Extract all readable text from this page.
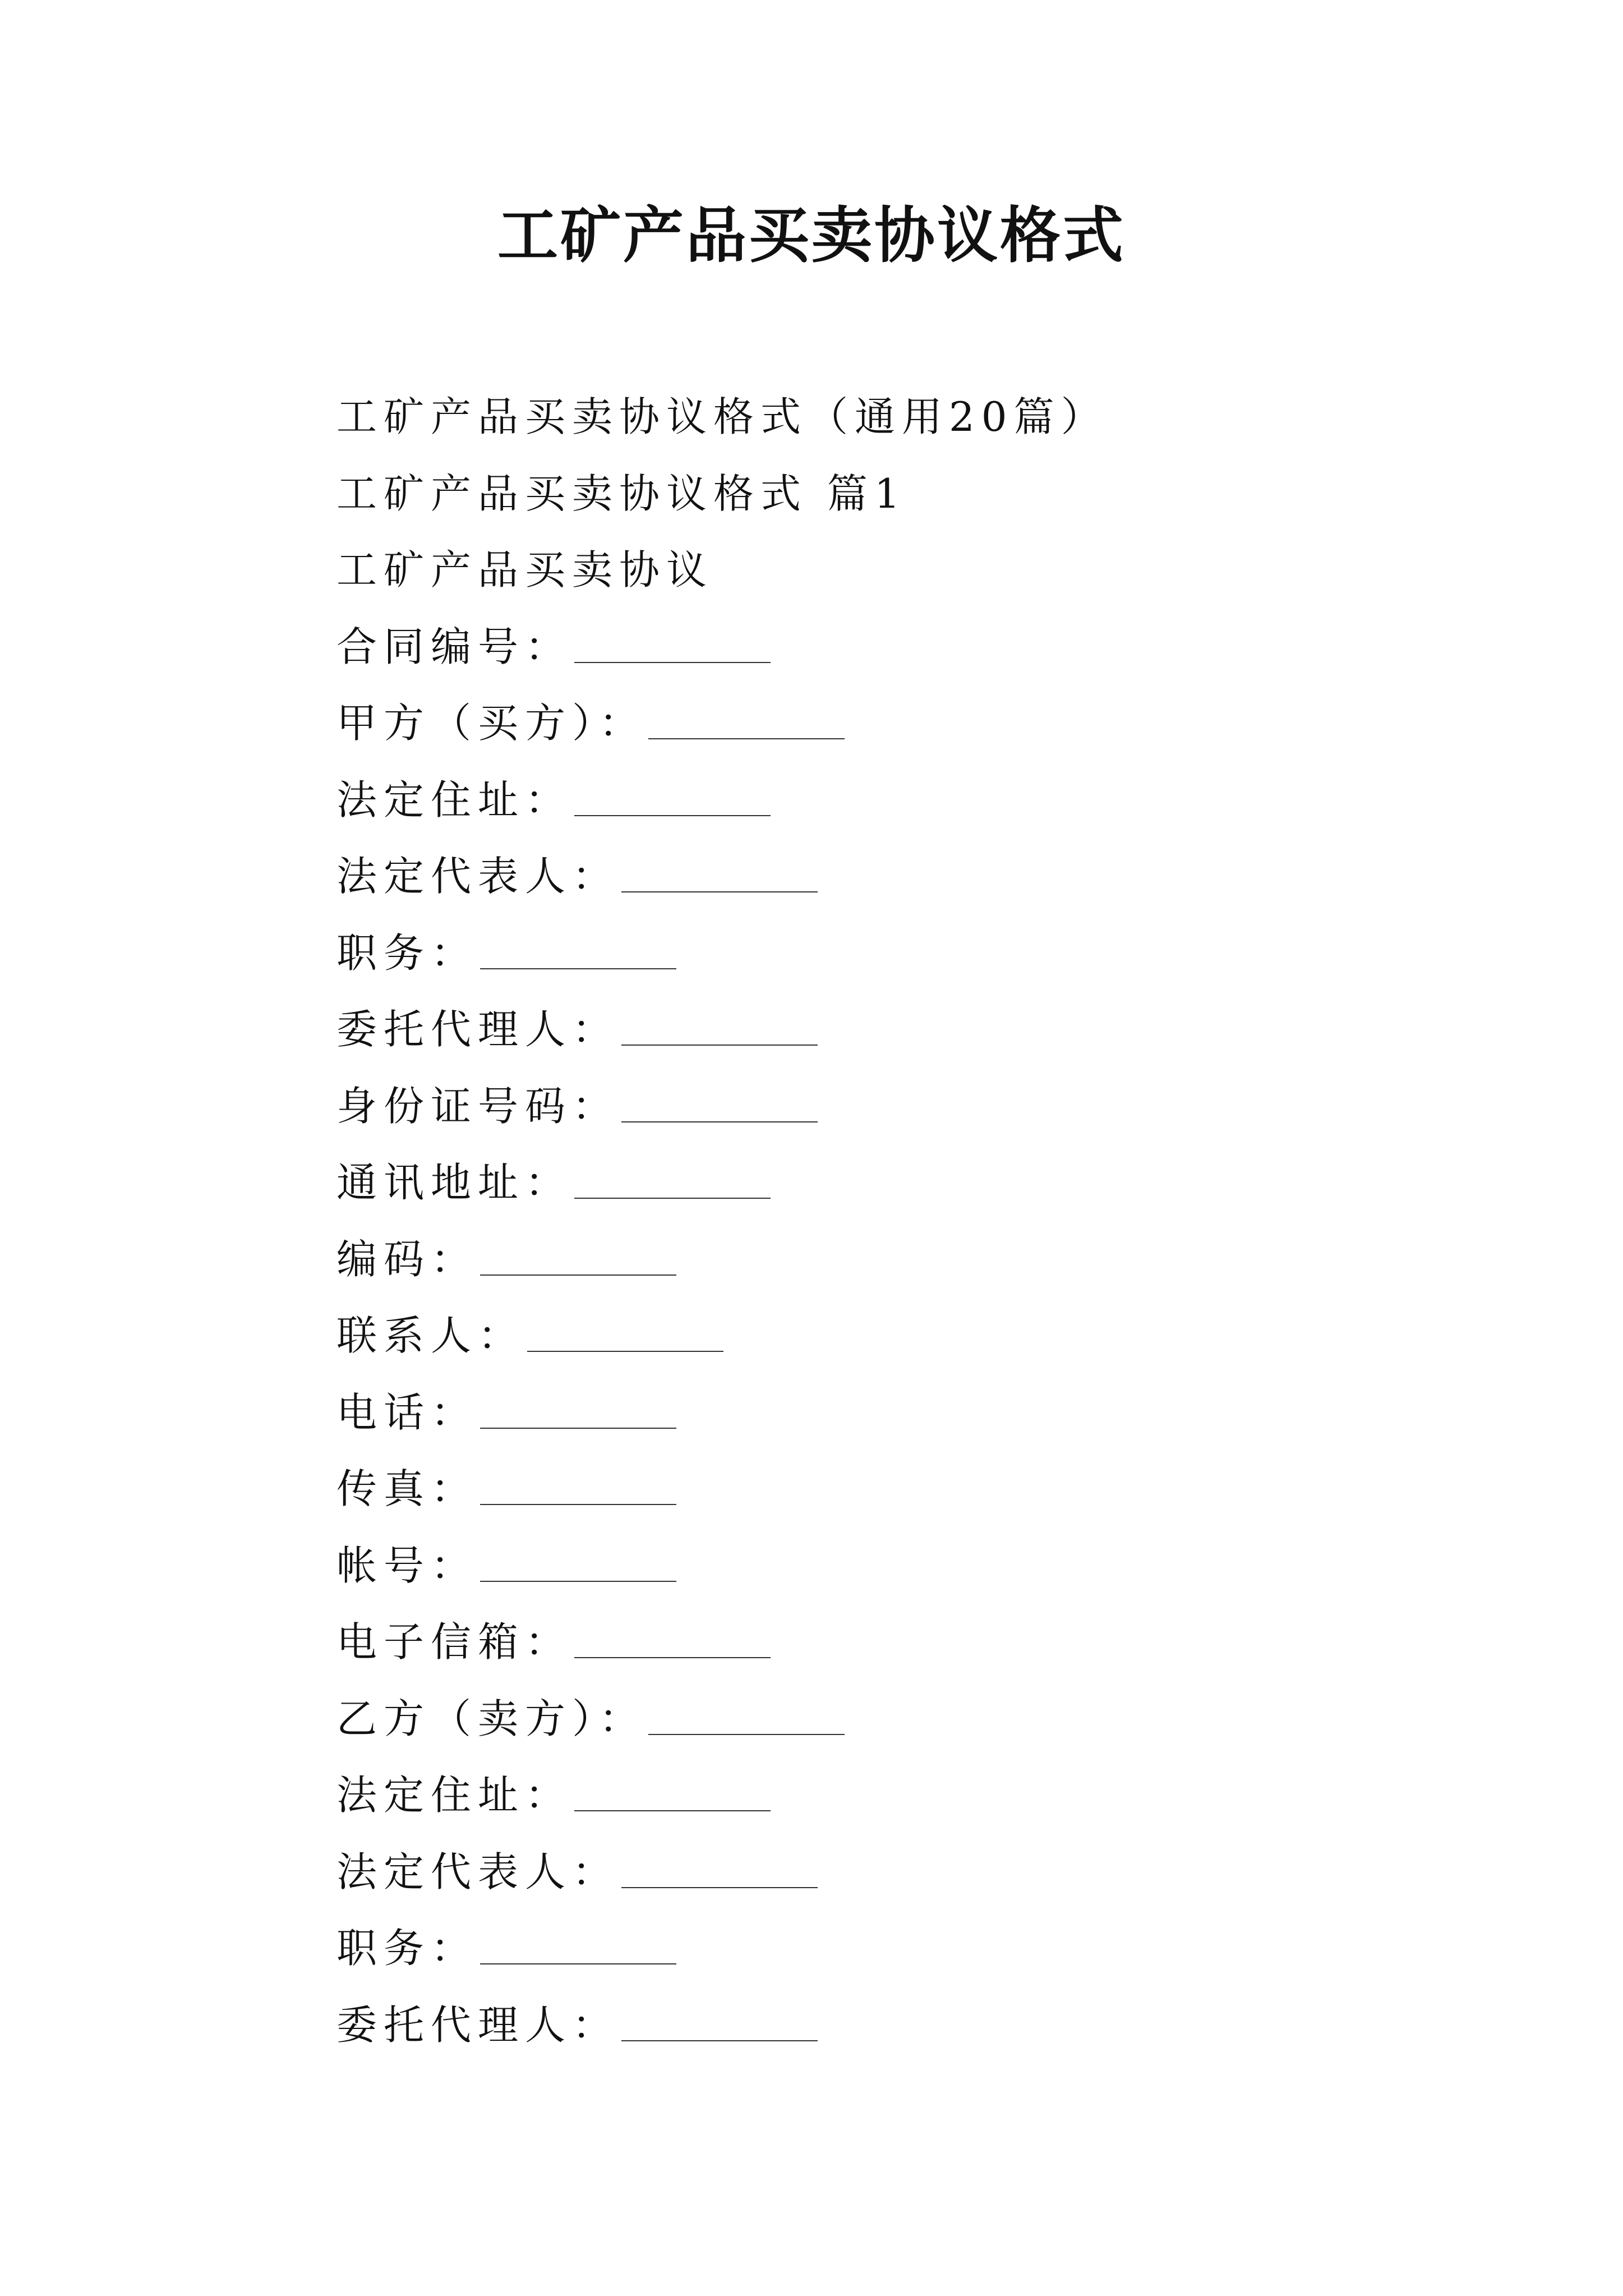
工矿产品买卖协议格式
工矿产品买卖协议格式（通用20篇）
工矿产品买卖协议格式 篇1
工矿产品买卖协议
合同编号：
甲方（买方）：
法定住址：
法定代表人：
职务：
委托代理人：
身份证号码：
通讯地址：
编码：
联系人：
电话：
传真：
帐号：
电子信箱：
乙方（卖方）：
法定住址：
法定代表人：
职务：
委托代理人：
